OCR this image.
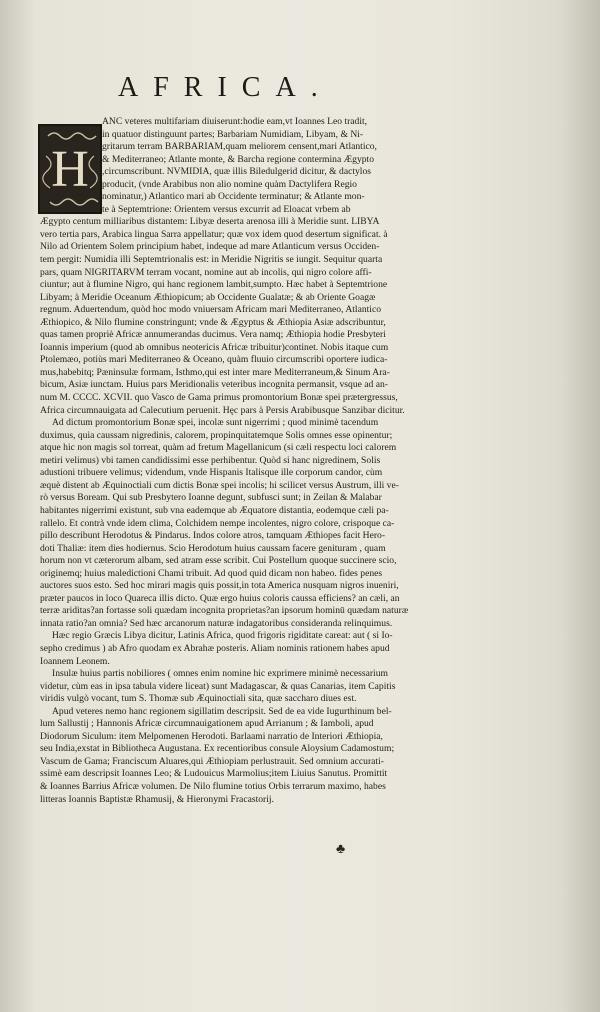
AFRICA.
H
ANC veteres multifariam diuiserunt:hodie eam,vt Ioannes Leo tradit,
in quatuor distinguunt partes; Barbariam Numidiam, Libyam, & Ni-
gritarum terram BARBARIAM,quam meliorem censent,mari Atlantico,
& Mediterraneo; Atlante monte, & Barcha regione contermina Ægypto
,circumscribunt. NVMIDIA, quæ illis Biledulgerid dicitur, & dactylos
producit, (vnde Arabibus non alio nomine quàm Dactylifera Regio
nominatur,) Atlantico mari ab Occidente terminatur; & Atlante mon-
te à Septemtrione: Orientem versus excurrit ad Eloacat vrbem ab
Ægypto centum milliaribus distantem: Libyæ deserta arenosa illi à Meridie sunt. LIBYA
vero tertia pars, Arabica lingua Sarra appellatur; quæ vox idem quod desertum significat. à
Nilo ad Orientem Solem principium habet, indeque ad mare Atlanticum versus Occiden-
tem pergit: Numidia illi Septemtrionalis est: in Meridie Nigritis se iungit. Sequitur quarta
pars, quam NIGRITARVM terram vocant, nomine aut ab incolis, qui nigro colore affi-
ciuntur; aut à flumine Nigro, qui hanc regionem lambit,sumpto. Hæc habet à Septemtrione
Libyam; à Meridie Oceanum Æthiopicum; ab Occidente Gualatæ; & ab Oriente Goagæ
regnum. Aduertendum, quòd hoc modo vniuersam Africam mari Mediterraneo, Atlantico
Æthiopico, & Nilo flumine constringunt; vnde & Ægyptus & Æthiopia Asiæ adscribuntur,
quas tamen propriè Africæ annumerandas ducimus. Vera namq; Æthiopia hodie Presbyteri
Ioannis imperium (quod ab omnibus neotericis Africæ tribuitur)continet. Nobis itaque cum
Ptolemæo, potiùs mari Mediterraneo & Oceano, quàm fluuio circumscribi oportere iudica-
mus,habebitq; Pæninsulæ formam, Isthmo,qui est inter mare Mediterraneum,& Sinum Ara-
bicum, Asiæ iunctam. Huius pars Meridionalis veteribus incognita permansit, vsque ad an-
num M. CCCC. XCVII. quo Vasco de Gama primus promontorium Bonæ spei prætergressus,
Africa circumnauigata ad Calecutium peruenit. Hęc pars à Persis Arabibusque Sanzibar dicitur.
Ad dictum promontorium Bonæ spei, incolæ sunt nigerrimi ; quod minimè tacendum
duximus, quia caussam nigredinis, calorem, propinquitatemque Solis omnes esse opinentur;
atque hic non magis sol torreat, quàm ad fretum Magellanicum (si cæli respectu loci calorem
metiri velimus) vbi tamen candidissimi esse perhibentur. Quòd si hanc nigredinem, Solis
adustioni tribuere velimus; videndum, vnde Hispanis Italisque ille corporum candor, cùm
æquè distent ab Æquinoctiali cum dictis Bonæ spei incolis; hi scilicet versus Austrum, illi ve-
rò versus Boream. Qui sub Presbytero Ioanne degunt, subfusci sunt; in Zeilan & Malabar
habitantes nigerrimi existunt, sub vna eademque ab Æquatore distantia, eodemque cæli pa-
rallelo. Et contrà vnde idem clima, Colchidem nempe incolentes, nigro colore, crispoque ca-
pillo describunt Herodotus & Pindarus. Indos colore atros, tamquam Æthiopes facit Hero-
doti Thaliæ: item dies hodiernus. Scio Herodotum huius caussam facere genituram , quam
horum non vt cæterorum albam, sed atram esse scribit. Cui Postellum quoque succinere scio,
originemq; huius maledictioni Chami tribuit. Ad quod quid dicam non habeo. fides penes
auctores suos esto. Sed hoc mirari magis quis possit,in tota America nusquam nigros inueniri,
præter paucos in loco Quareca illis dicto. Quæ ergo huius coloris caussa efficiens? an cæli, an
terræ ariditas?an fortasse soli quædam incognita proprietas?an ipsorum hominū quædam naturæ
innata ratio?an omnia? Sed hæc arcanorum naturæ indagatoribus consideranda relinquimus.
Hæc regio Græcis Libya dicitur, Latinis Africa, quod frigoris rigiditate careat: aut ( si Io-
sepho credimus ) ab Afro quodam ex Abrahæ posteris. Aliam nominis rationem habes apud
Ioannem Leonem.
Insulæ huius partis nobiliores ( omnes enim nomine hic exprimere minimè necessarium
videtur, cùm eas in ipsa tabula videre liceat) sunt Madagascar, & quas Canarias, item Capitis
viridis vulgò vocant, tum S. Thomæ sub Æquinoctiali sita, quæ saccharo diues est.
Apud veteres nemo hanc regionem sigillatim descripsit. Sed de ea vide Iugurthinum bel-
lum Sallustij ; Hannonis Africæ circumnauigationem apud Arrianum ; & Iamboli, apud
Diodorum Siculum: item Melpomenen Herodoti. Barlaami narratio de Interiori Æthiopia,
seu India,exstat in Bibliotheca Augustana. Ex recentioribus consule Aloysium Cadamostum;
Vascum de Gama; Franciscum Aluares,qui Æthiopiam perlustrauit. Sed omnium accurati-
ssimè eam descripsit Ioannes Leo; & Ludouicus Marmolius;item Liuius Sanutus. Promittit
& Ioannes Barrius Africæ volumen. De Nilo flumine totius Orbis terrarum maximo, habes
litteras Ioannis Baptistæ Rhamusij, & Hieronymi Fracastorij.
♣
